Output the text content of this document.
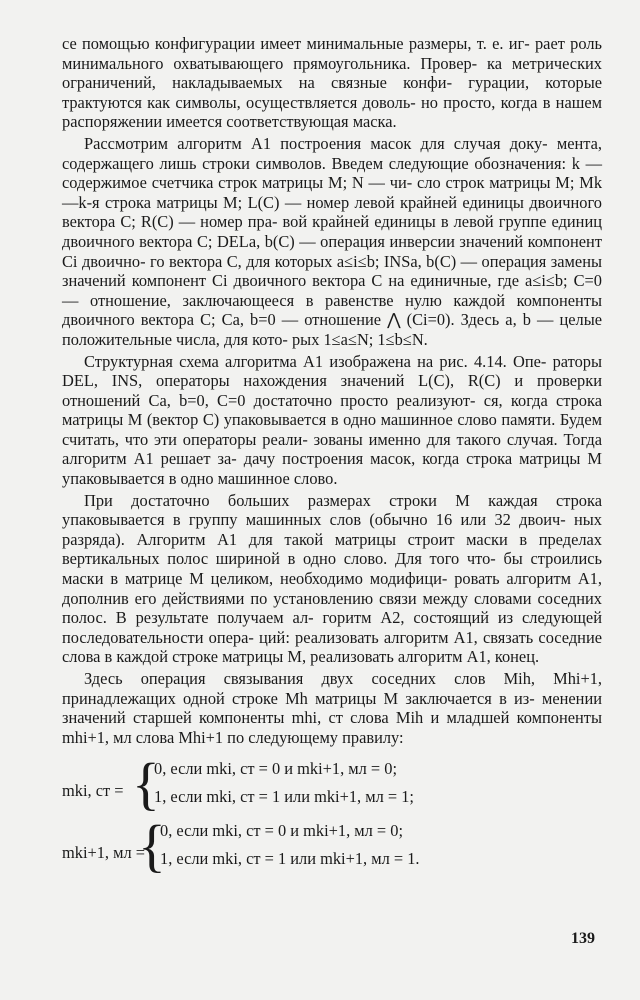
се помощью конфигурации имеет минимальные размеры, т. е. иг- рает роль минимального охватывающего прямоугольника. Провер- ка метрических ограничений, накладываемых на связные конфи- гурации, которые трактуются как символы, осуществляется доволь- но просто, когда в нашем распоряжении имеется соответствующая маска.

Рассмотрим алгоритм A1 построения масок для случая доку- мента, содержащего лишь строки символов. Введем следующие обозначения: k — содержимое счетчика строк матрицы M; N — чи- сло строк матрицы M; Mk—k-я строка матрицы M; L(C) — номер левой крайней единицы двоичного вектора C; R(C) — номер пра- вой крайней единицы в левой группе единиц двоичного вектора C; DELa, b(C) — операция инверсии значений компонент Ci двоично- го вектора C, для которых a≤i≤b; INSa, b(C) — операция замены значений компонент Ci двоичного вектора C на единичные, где a≤i≤b; C=0 — отношение, заключающееся в равенстве нулю каждой компоненты двоичного вектора C; Ca, b=0 — отношение ⋀ (Ci=0). Здесь a, b — целые положительные числа, для кото- рых 1≤a≤N; 1≤b≤N.

Структурная схема алгоритма A1 изображена на рис. 4.14. Опе- раторы DEL, INS, операторы нахождения значений L(C), R(C) и проверки отношений Ca, b=0, C=0 достаточно просто реализуют- ся, когда строка матрицы M (вектор C) упаковывается в одно машинное слово памяти. Будем считать, что эти операторы реали- зованы именно для такого случая. Тогда алгоритм A1 решает за- дачу построения масок, когда строка матрицы M упаковывается в одно машинное слово.

При достаточно больших размерах строки M каждая строка упаковывается в группу машинных слов (обычно 16 или 32 двоич- ных разряда). Алгоритм A1 для такой матрицы строит маски в пределах вертикальных полос шириной в одно слово. Для того что- бы строились маски в матрице M целиком, необходимо модифици- ровать алгоритм A1, дополнив его действиями по установлению связи между словами соседних полос. В результате получаем ал- горитм A2, состоящий из следующей последовательности опера- ций: реализовать алгоритм A1, связать соседние слова в каждой строке матрицы M, реализовать алгоритм A1, конец.

Здесь операция связывания двух соседних слов Mih, Mhi+1, принадлежащих одной строке Mh матрицы M заключается в из- менении значений старшей компоненты mhi, ст слова Mih и младшей компоненты mhi+1, мл слова Mhi+1 по следующему правилу:

mki, ст = {
0, если mki, ст = 0 и mki+1, мл = 0;
1, если mki, ст = 1 или mki+1, мл = 1;
mki+1, мл =
{
0, если mki, ст = 0 и mki+1, мл = 0;
1, если mki, ст = 1 или mki+1, мл = 1.
139
